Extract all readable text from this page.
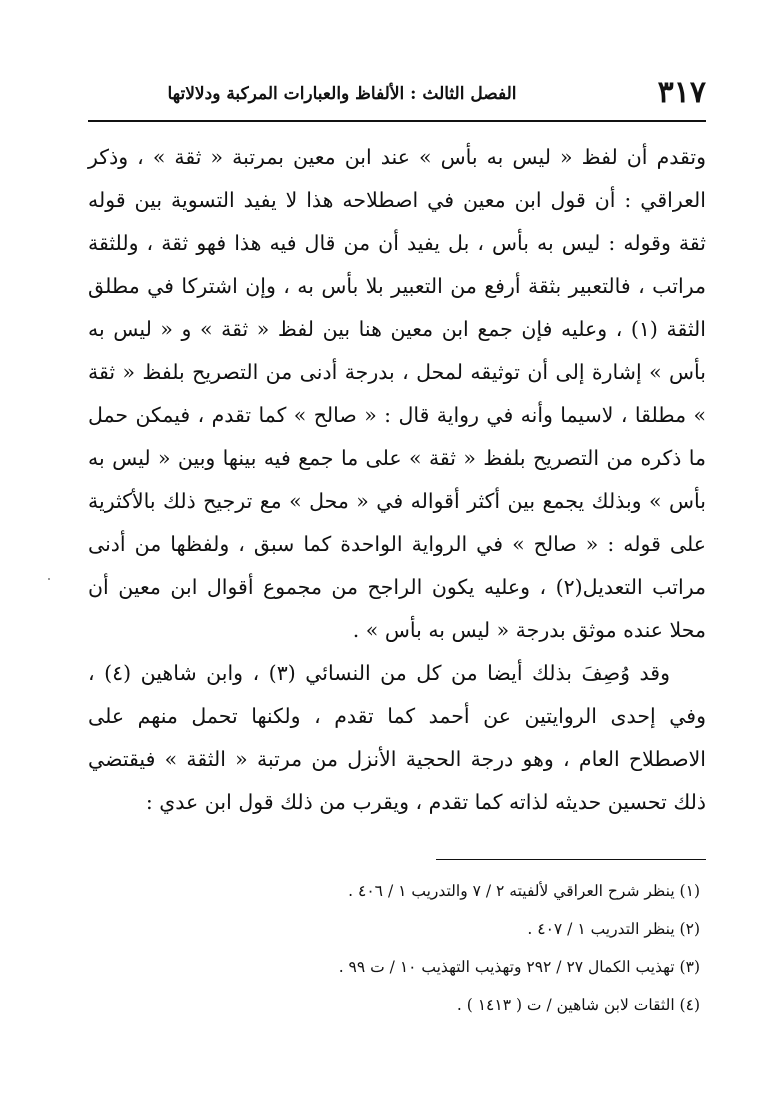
٣١٧
الفصل الثالث : الألفاظ والعبارات المركبة ودلالاتها

وتقدم أن لفظ « ليس به بأس » عند ابن معين بمرتبة « ثقة » ، وذكر العراقي : أن قول ابن معين في اصطلاحه هذا لا يفيد التسوية بين قوله ثقة وقوله : ليس به بأس ، بل يفيد أن من قال فيه هذا فهو ثقة ، وللثقة مراتب ، فالتعبير بثقة أرفع من التعبير بلا بأس به ، وإن اشتركا في مطلق الثقة (١) ، وعليه فإن جمع ابن معين هنا بين لفظ « ثقة » و « ليس به بأس » إشارة إلى أن توثيقه لمحل ، بدرجة أدنى من التصريح بلفظ « ثقة » مطلقا ، لاسيما وأنه في رواية قال : « صالح » كما تقدم ، فيمكن حمل ما ذكره من التصريح بلفظ « ثقة » على ما جمع فيه بينها وبين « ليس به بأس » وبذلك يجمع بين أكثر أقواله في « محل » مع ترجيح ذلك بالأكثرية على قوله : « صالح » في الرواية الواحدة كما سبق ، ولفظها من أدنى مراتب التعديل(٢) ، وعليه يكون الراجح من مجموع أقوال ابن معين أن محلا عنده موثق بدرجة « ليس به بأس » .

وقد وُصِفَ بذلك أيضا من كل من النسائي (٣) ، وابن شاهين (٤) ، وفي إحدى الروايتين عن أحمد كما تقدم ، ولكنها تحمل منهم على الاصطلاح العام ، وهو درجة الحجية الأنزل من مرتبة « الثقة » فيقتضي ذلك تحسين حديثه لذاته كما تقدم ، ويقرب من ذلك قول ابن عدي :

(١) ينظر شرح العراقي لألفيته ٢ / ٧ والتدريب ١ / ٤٠٦ .

(٢) ينظر التدريب ١ / ٤٠٧ .

(٣) تهذيب الكمال ٢٧ / ٢٩٢ وتهذيب التهذيب ١٠ / ت ٩٩ .

(٤) الثقات لابن شاهين / ت ( ١٤١٣ ) .
